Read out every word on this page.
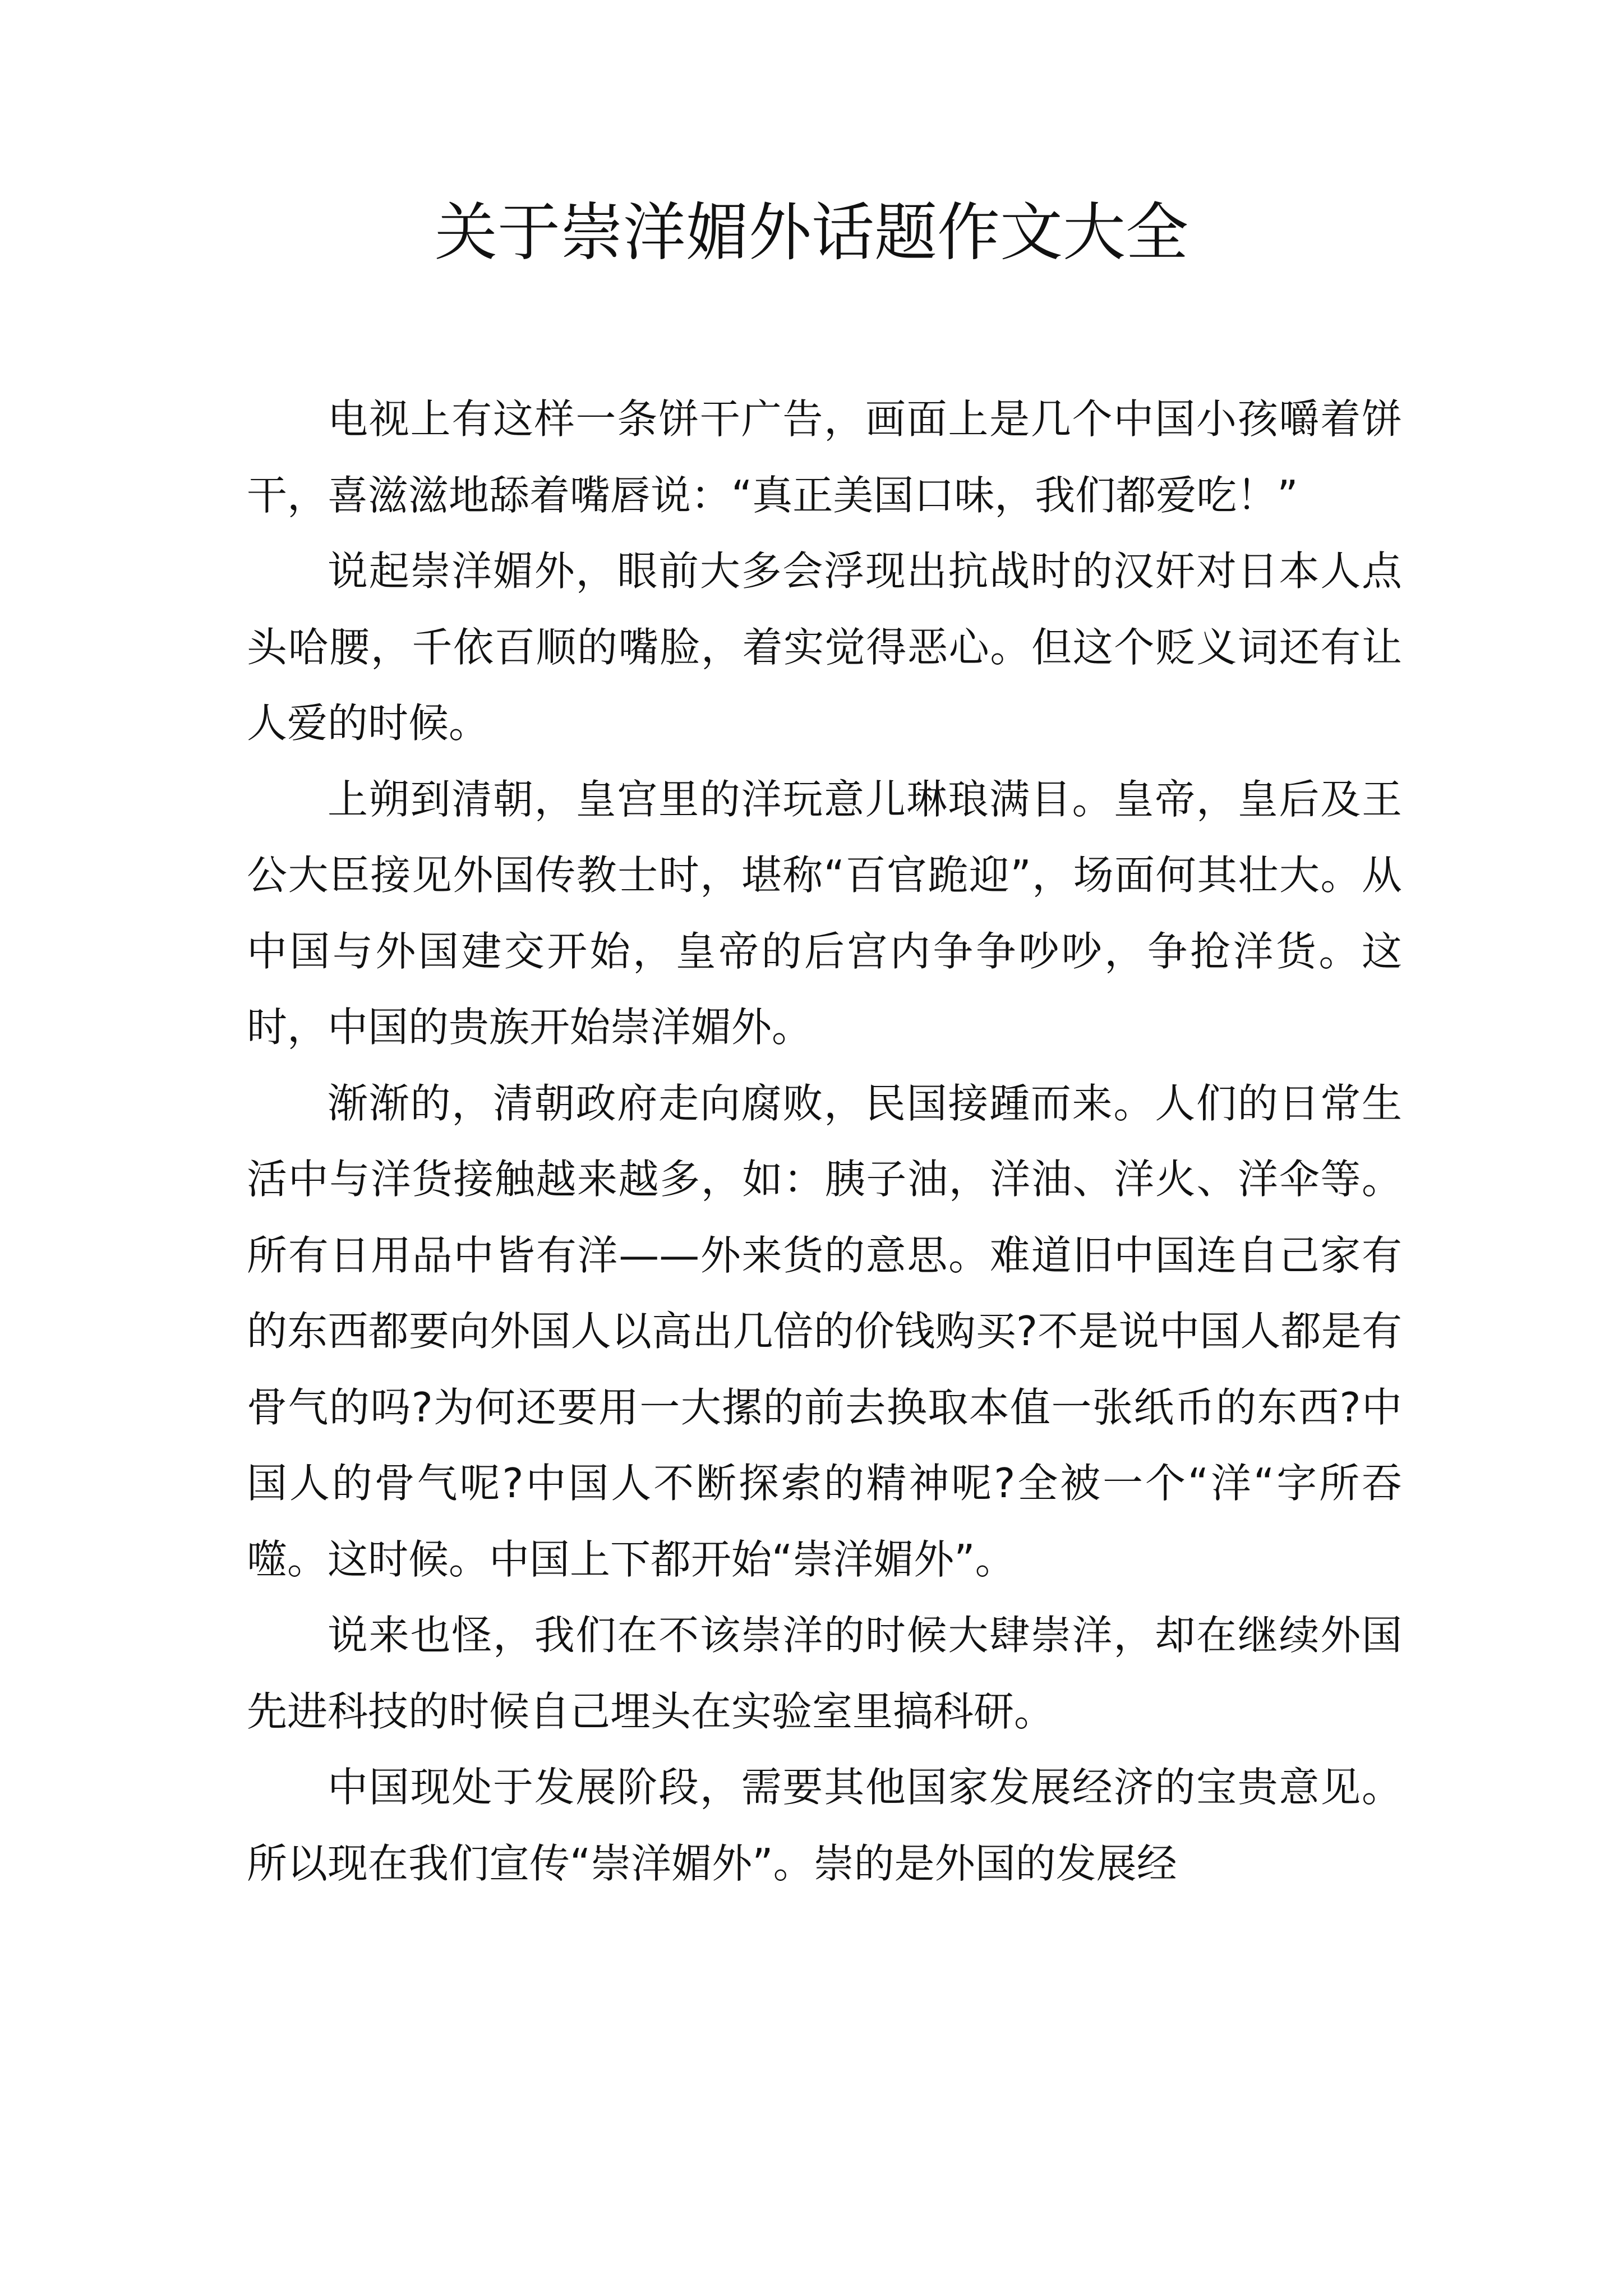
关于崇洋媚外话题作文大全

电视上有这样一条饼干广告，画面上是几个中国小孩嚼着饼干，喜滋滋地舔着嘴唇说：“真正美国口味，我们都爱吃！”

说起崇洋媚外，眼前大多会浮现出抗战时的汉奸对日本人点头哈腰，千依百顺的嘴脸，着实觉得恶心。但这个贬义词还有让人爱的时候。

上朔到清朝，皇宫里的洋玩意儿琳琅满目。皇帝，皇后及王公大臣接见外国传教士时，堪称“百官跪迎”，场面何其壮大。从中国与外国建交开始，皇帝的后宫内争争吵吵，争抢洋货。这时，中国的贵族开始崇洋媚外。

渐渐的，清朝政府走向腐败，民国接踵而来。人们的日常生活中与洋货接触越来越多，如：胰子油，洋油、洋火、洋伞等。所有日用品中皆有洋——外来货的意思。难道旧中国连自己家有的东西都要向外国人以高出几倍的价钱购买?不是说中国人都是有骨气的吗?为何还要用一大摞的前去换取本值一张纸币的东西?中国人的骨气呢?中国人不断探索的精神呢?全被一个“洋“字所吞噬。这时候。中国上下都开始“崇洋媚外”。

说来也怪，我们在不该崇洋的时候大肆崇洋，却在继续外国先进科技的时候自己埋头在实验室里搞科研。

中国现处于发展阶段，需要其他国家发展经济的宝贵意见。所以现在我们宣传“崇洋媚外”。崇的是外国的发展经
